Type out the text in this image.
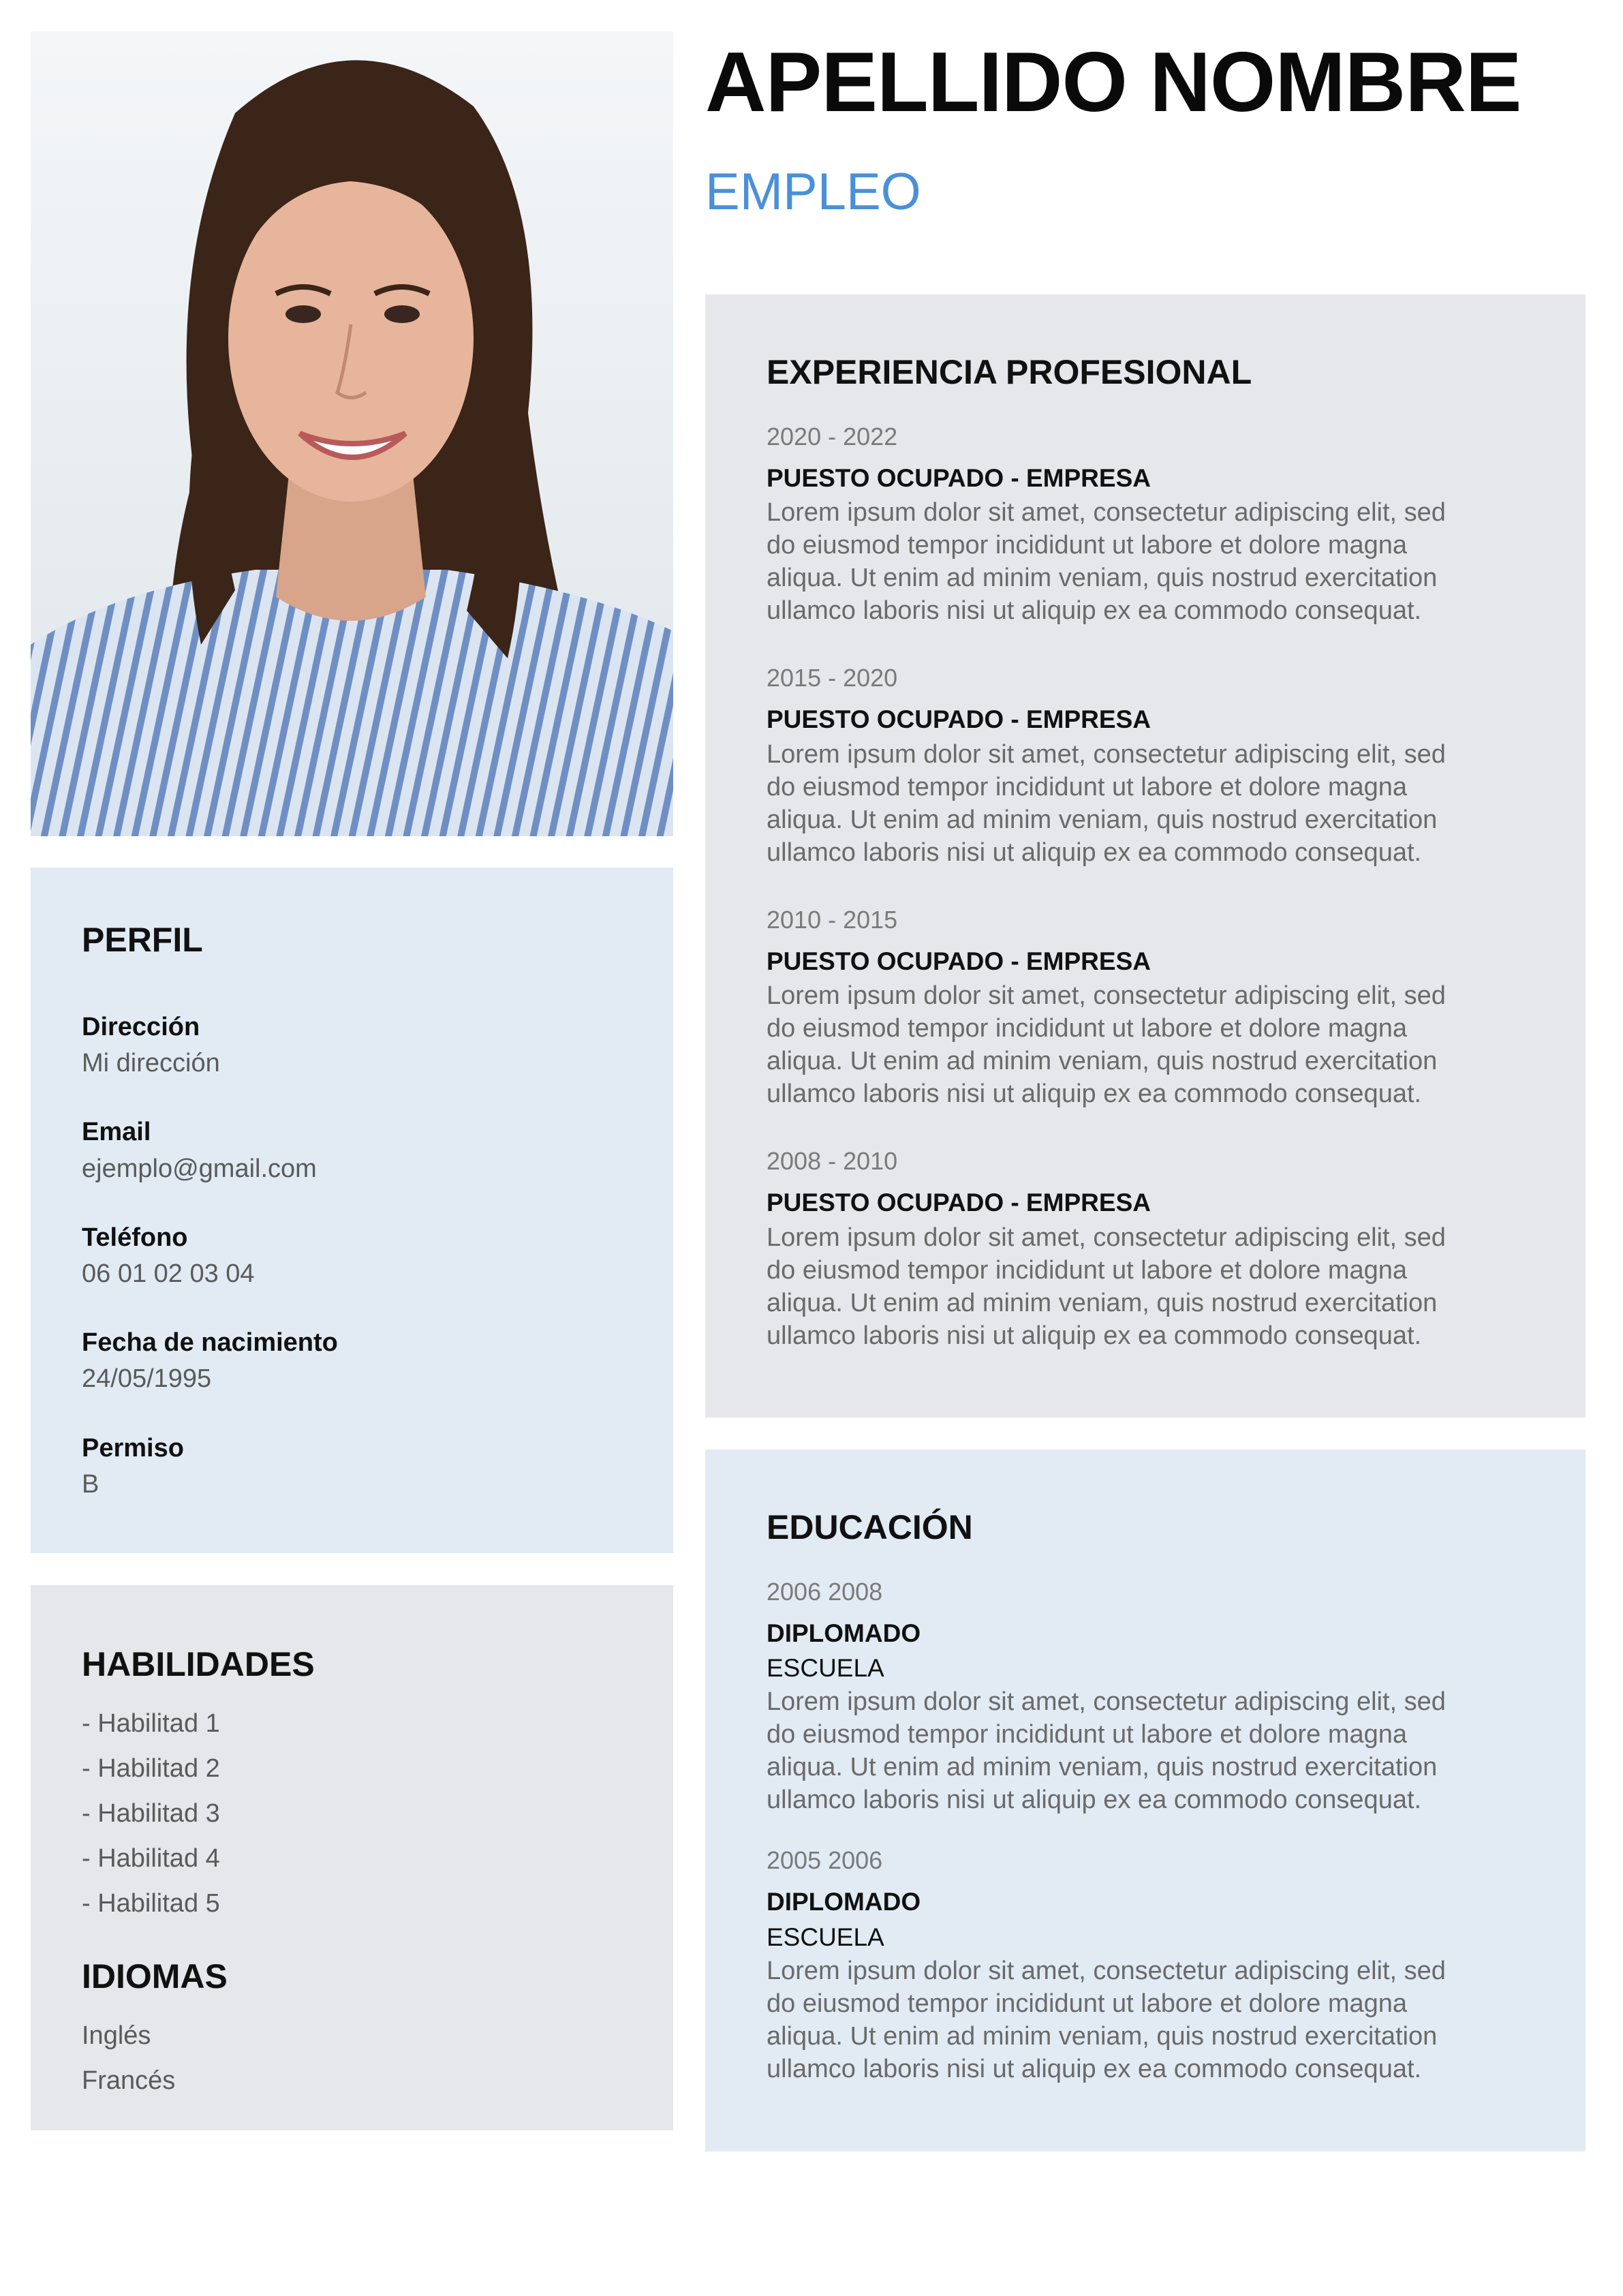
APELLIDO NOMBRE
EMPLEO
PERFIL
Dirección
Mi dirección
Email
ejemplo@gmail.com
Teléfono
06 01 02 03 04
Fecha de nacimiento
24/05/1995
Permiso
B
HABILIDADES
- Habilitad 1
- Habilitad 2
- Habilitad 3
- Habilitad 4
- Habilitad 5
IDIOMAS
Inglés
Francés
EXPERIENCIA PROFESIONAL
2020 - 2022
PUESTO OCUPADO - EMPRESA
Lorem ipsum dolor sit amet, consectetur adipiscing elit, sed
do eiusmod tempor incididunt ut labore et dolore magna
aliqua. Ut enim ad minim veniam, quis nostrud exercitation
ullamco laboris nisi ut aliquip ex ea commodo consequat.
2015 - 2020
PUESTO OCUPADO - EMPRESA
Lorem ipsum dolor sit amet, consectetur adipiscing elit, sed
do eiusmod tempor incididunt ut labore et dolore magna
aliqua. Ut enim ad minim veniam, quis nostrud exercitation
ullamco laboris nisi ut aliquip ex ea commodo consequat.
2010 - 2015
PUESTO OCUPADO - EMPRESA
Lorem ipsum dolor sit amet, consectetur adipiscing elit, sed
do eiusmod tempor incididunt ut labore et dolore magna
aliqua. Ut enim ad minim veniam, quis nostrud exercitation
ullamco laboris nisi ut aliquip ex ea commodo consequat.
2008 - 2010
PUESTO OCUPADO - EMPRESA
Lorem ipsum dolor sit amet, consectetur adipiscing elit, sed
do eiusmod tempor incididunt ut labore et dolore magna
aliqua. Ut enim ad minim veniam, quis nostrud exercitation
ullamco laboris nisi ut aliquip ex ea commodo consequat.
EDUCACIÓN
2006 2008
DIPLOMADO
ESCUELA
Lorem ipsum dolor sit amet, consectetur adipiscing elit, sed
do eiusmod tempor incididunt ut labore et dolore magna
aliqua. Ut enim ad minim veniam, quis nostrud exercitation
ullamco laboris nisi ut aliquip ex ea commodo consequat.
2005 2006
DIPLOMADO
ESCUELA
Lorem ipsum dolor sit amet, consectetur adipiscing elit, sed
do eiusmod tempor incididunt ut labore et dolore magna
aliqua. Ut enim ad minim veniam, quis nostrud exercitation
ullamco laboris nisi ut aliquip ex ea commodo consequat.
